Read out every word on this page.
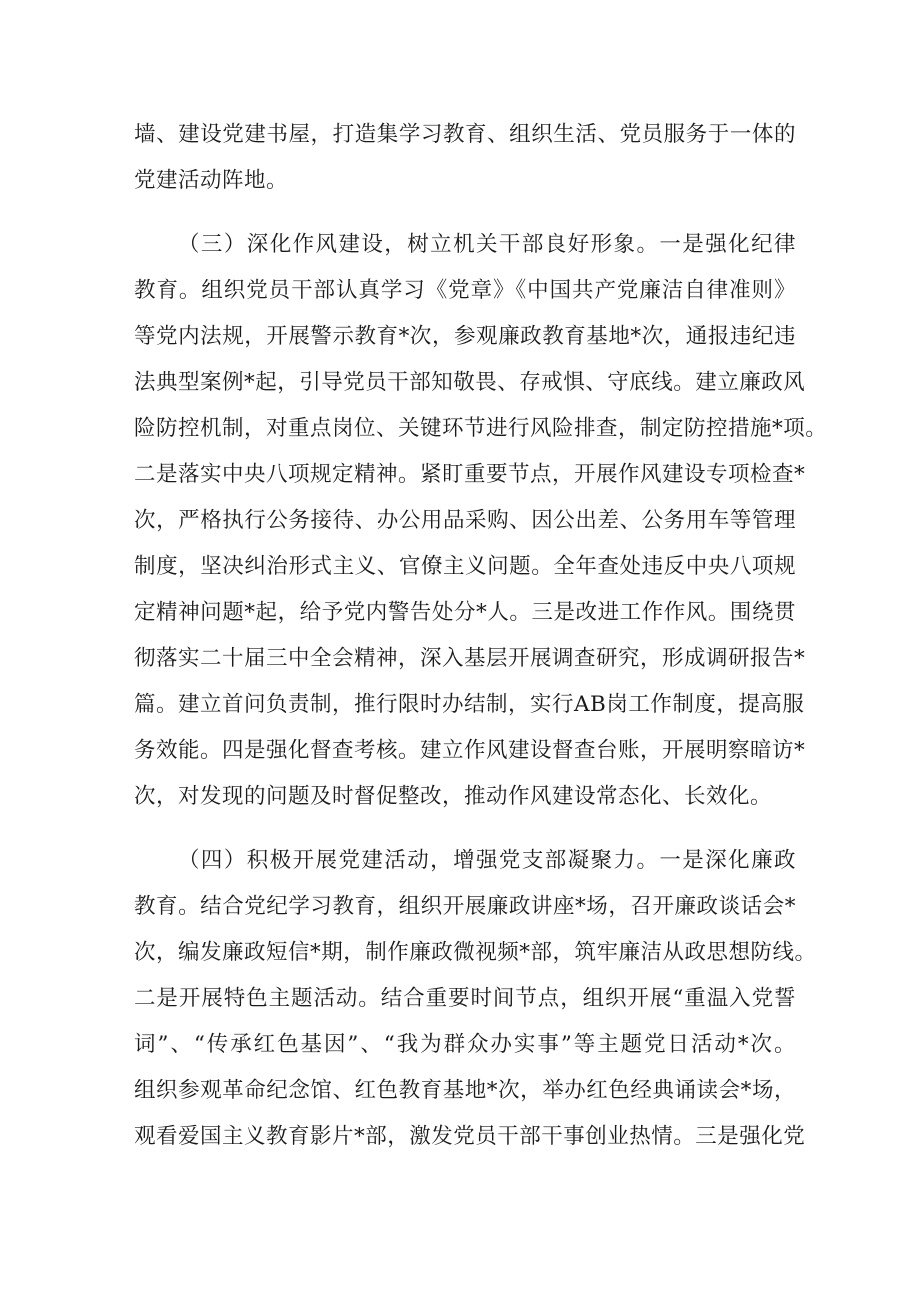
墙、建设党建书屋，打造集学习教育、组织生活、党员服务于一体的
党建活动阵地。
（三）深化作风建设，树立机关干部良好形象。一是强化纪律
教育。组织党员干部认真学习《党章》《中国共产党廉洁自律准则》
等党内法规，开展警示教育*次，参观廉政教育基地*次，通报违纪违
法典型案例*起，引导党员干部知敬畏、存戒惧、守底线。建立廉政风
险防控机制，对重点岗位、关键环节进行风险排查，制定防控措施*项。
二是落实中央八项规定精神。紧盯重要节点，开展作风建设专项检查*
次，严格执行公务接待、办公用品采购、因公出差、公务用车等管理
制度，坚决纠治形式主义、官僚主义问题。全年查处违反中央八项规
定精神问题*起，给予党内警告处分*人。三是改进工作作风。围绕贯
彻落实二十届三中全会精神，深入基层开展调查研究，形成调研报告*
篇。建立首问负责制，推行限时办结制，实行AB岗工作制度，提高服
务效能。四是强化督查考核。建立作风建设督查台账，开展明察暗访*
次，对发现的问题及时督促整改，推动作风建设常态化、长效化。
（四）积极开展党建活动，增强党支部凝聚力。一是深化廉政
教育。结合党纪学习教育，组织开展廉政讲座*场，召开廉政谈话会*
次，编发廉政短信*期，制作廉政微视频*部，筑牢廉洁从政思想防线。
二是开展特色主题活动。结合重要时间节点，组织开展“重温入党誓
词”、“传承红色基因”、“我为群众办实事”等主题党日活动*次。
组织参观革命纪念馆、红色教育基地*次，举办红色经典诵读会*场，
观看爱国主义教育影片*部，激发党员干部干事创业热情。三是强化党
